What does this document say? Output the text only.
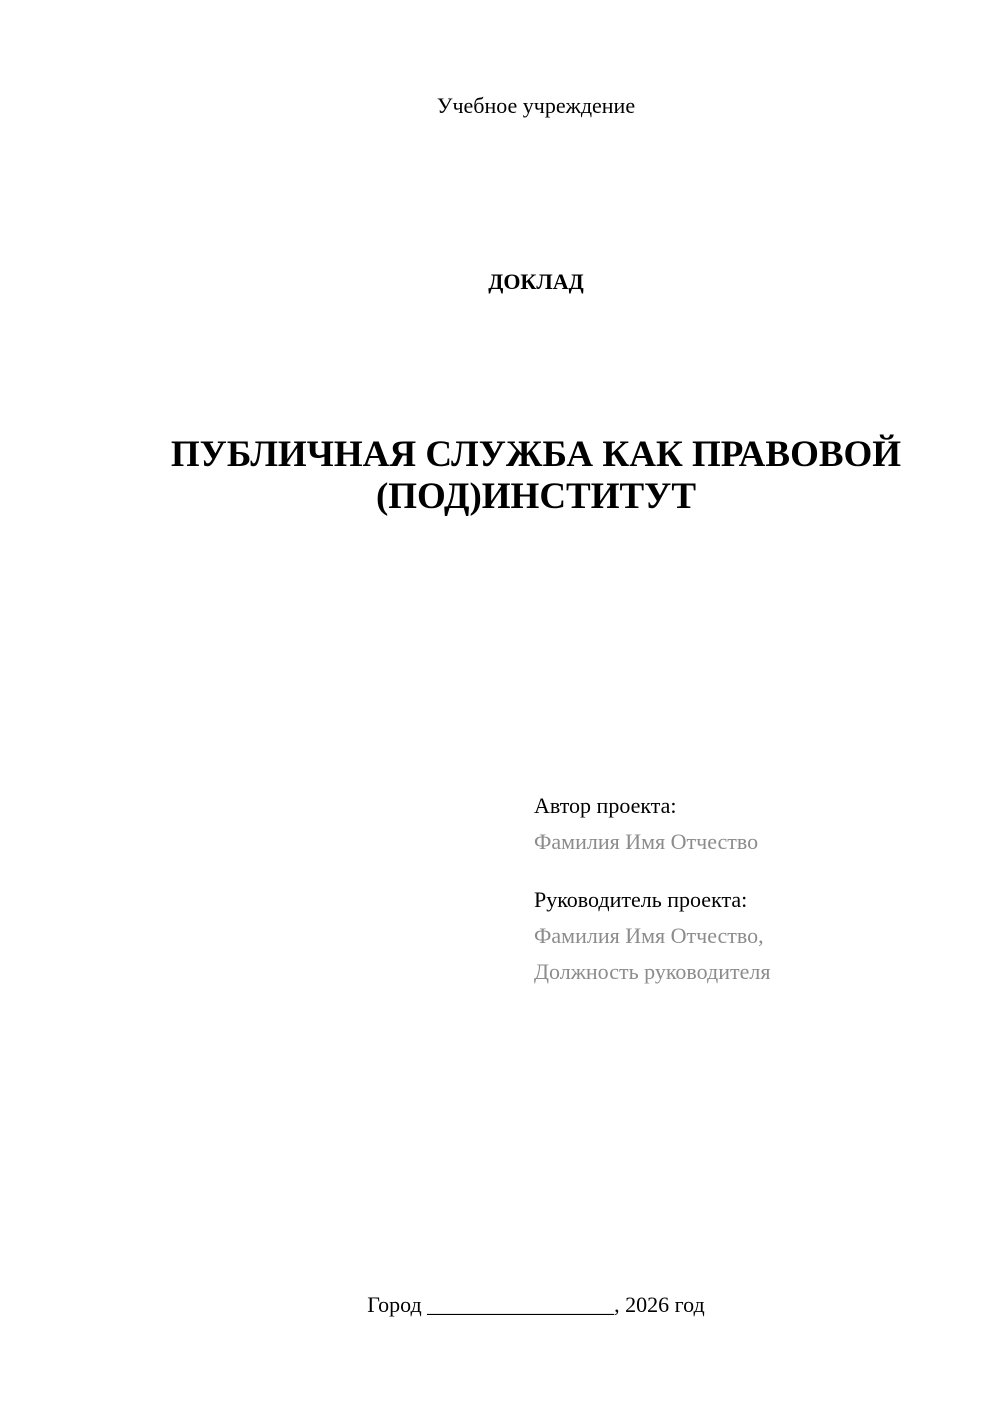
Учебное учреждение
ДОКЛАД
ПУБЛИЧНАЯ СЛУЖБА КАК ПРАВОВОЙ
(ПОД)ИНСТИТУТ
Автор проекта:
Фамилия Имя Отчество
Руководитель проекта:
Фамилия Имя Отчество,
Должность руководителя
Город _________________, 2026 год
